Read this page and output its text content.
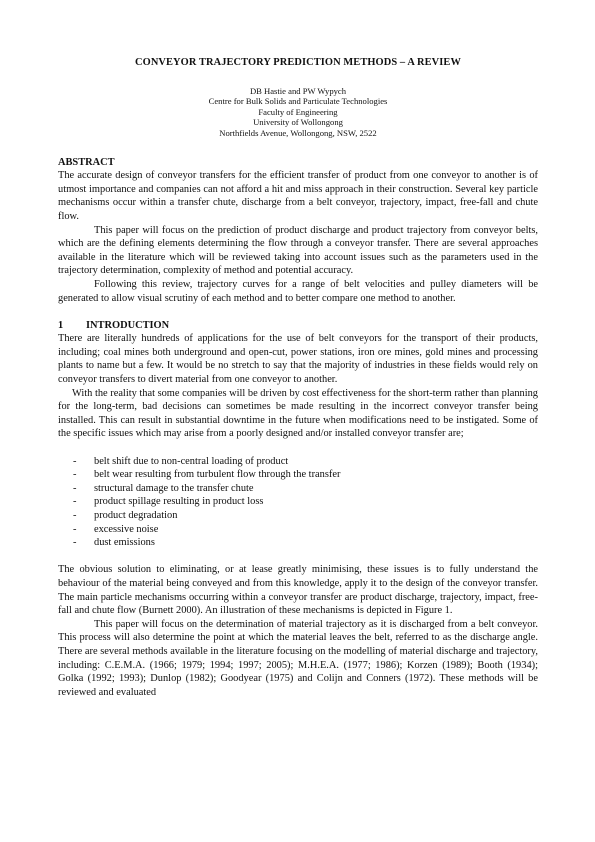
CONVEYOR TRAJECTORY PREDICTION METHODS – A REVIEW
DB Hastie and PW Wypych
Centre for Bulk Solids and Particulate Technologies
Faculty of Engineering
University of Wollongong
Northfields Avenue, Wollongong, NSW, 2522
ABSTRACT

The accurate design of conveyor transfers for the efficient transfer of product from one conveyor to another is of utmost importance and companies can not afford a hit and miss approach in their construction. Several key particle mechanisms occur within a transfer chute, discharge from a belt conveyor, trajectory, impact, free-fall and chute flow.

This paper will focus on the prediction of product discharge and product trajectory from conveyor belts, which are the defining elements determining the flow through a conveyor transfer. There are several approaches available in the literature which will be reviewed taking into account issues such as the parameters used in the trajectory determination, complexity of method and potential accuracy.

Following this review, trajectory curves for a range of belt velocities and pulley diameters will be generated to allow visual scrutiny of each method and to better compare one method to another.

1 INTRODUCTION

There are literally hundreds of applications for the use of belt conveyors for the transport of their products, including; coal mines both underground and open-cut, power stations, iron ore mines, gold mines and processing plants to name but a few. It would be no stretch to say that the majority of industries in these fields would rely on conveyor transfers to divert material from one conveyor to another.

With the reality that some companies will be driven by cost effectiveness for the short-term rather than planning for the long-term, bad decisions can sometimes be made resulting in the incorrect conveyor transfer being installed. This can result in substantial downtime in the future when modifications need to be instigated. Some of the specific issues which may arise from a poorly designed and/or installed conveyor transfer are;

-	belt shift due to non-central loading of product
-	belt wear resulting from turbulent flow through the transfer
-	structural damage to the transfer chute
-	product spillage resulting in product loss
-	product degradation
-	excessive noise
-	dust emissions

The obvious solution to eliminating, or at lease greatly minimising, these issues is to fully understand the behaviour of the material being conveyed and from this knowledge, apply it to the design of the conveyor transfer. The main particle mechanisms occurring within a conveyor transfer are product discharge, trajectory, impact, free-fall and chute flow (Burnett 2000). An illustration of these mechanisms is depicted in Figure 1.

This paper will focus on the determination of material trajectory as it is discharged from a belt conveyor. This process will also determine the point at which the material leaves the belt, referred to as the discharge angle. There are several methods available in the literature focusing on the modelling of material discharge and trajectory, including: C.E.M.A. (1966; 1979; 1994; 1997; 2005); M.H.E.A. (1977; 1986); Korzen (1989); Booth (1934); Golka (1992; 1993); Dunlop (1982); Goodyear (1975) and Colijn and Conners (1972). These methods will be reviewed and evaluated
